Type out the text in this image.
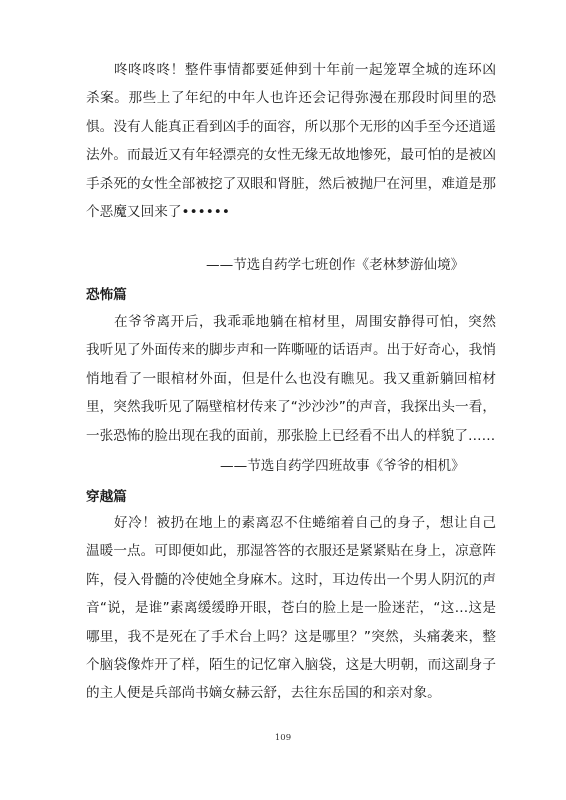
咚咚咚咚！整件事情都要延伸到十年前一起笼罩全城的连环凶杀案。那些上了年纪的中年人也许还会记得弥漫在那段时间里的恐惧。没有人能真正看到凶手的面容，所以那个无形的凶手至今还逍遥法外。而最近又有年轻漂亮的女性无缘无故地惨死，最可怕的是被凶手杀死的女性全部被挖了双眼和肾脏，然后被抛尸在河里，难道是那个恶魔又回来了••••••

——节选自药学七班创作《老林梦游仙境》

恐怖篇

在爷爷离开后，我乖乖地躺在棺材里，周围安静得可怕，突然我听见了外面传来的脚步声和一阵嘶哑的话语声。出于好奇心，我悄悄地看了一眼棺材外面，但是什么也没有瞧见。我又重新躺回棺材里，突然我听见了隔壁棺材传来了“沙沙沙”的声音，我探出头一看，一张恐怖的脸出现在我的面前，那张脸上已经看不出人的样貌了……

——节选自药学四班故事《爷爷的相机》

穿越篇

好冷！被扔在地上的素离忍不住蜷缩着自己的身子，想让自己温暖一点。可即便如此，那湿答答的衣服还是紧紧贴在身上，凉意阵阵，侵入骨髓的冷使她全身麻木。这时，耳边传出一个男人阴沉的声音“说，是谁”素离缓缓睁开眼，苍白的脸上是一脸迷茫，“这…这是哪里，我不是死在了手术台上吗？这是哪里？”突然，头痛袭来，整个脑袋像炸开了样，陌生的记忆窜入脑袋，这是大明朝，而这副身子的主人便是兵部尚书嫡女赫云舒，去往东岳国的和亲对象。

109
